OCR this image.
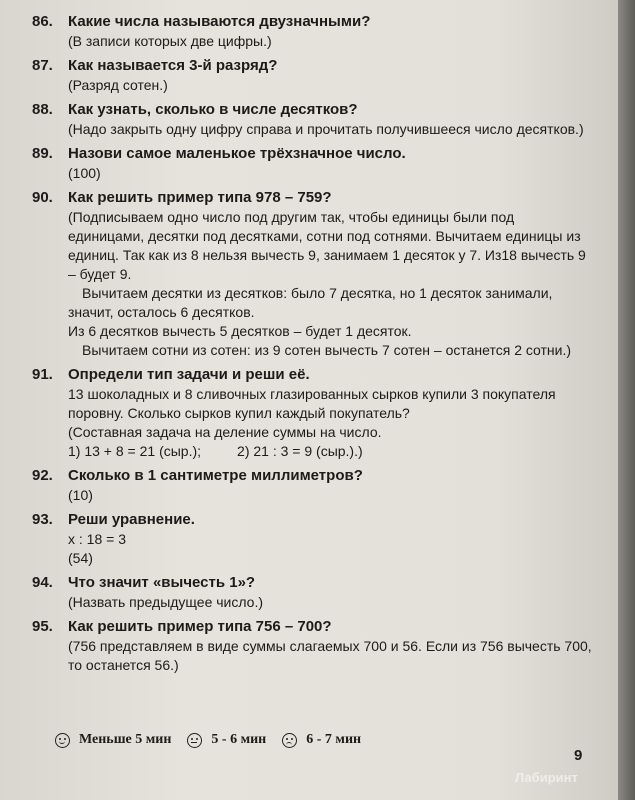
86.	Какие числа называются двузначными?

(В записи которых две цифры.)

87.	Как называется 3-й разряд?

(Разряд сотен.)

88.	Как узнать, сколько в числе десятков?

(Надо закрыть одну цифру справа и прочитать получившееся число десятков.)

89.	Назови самое маленькое трёхзначное число.

(100)

90.	Как решить пример типа 978 – 759?

(Подписываем одно число под другим так, чтобы единицы были под единицами, десятки под десятками, сотни под сотнями. Вычитаем единицы из единиц. Так как из 8 нельзя вычесть 9, занимаем 1 десяток у 7. Из18 вычесть 9 – будет 9.

Вычитаем десятки из десятков: было 7 десятка, но 1 десяток занимали, значит, осталось 6 десятков.

Из 6 десятков вычесть 5 десятков – будет 1 десяток.

Вычитаем сотни из сотен: из 9 сотен вычесть 7 сотен – останется 2 сотни.)

91.	Определи тип задачи и реши её.

13 шоколадных и 8 сливочных глазированных сырков купили 3 покупателя поровну. Сколько сырков купил каждый покупатель?

(Составная задача на деление суммы на число.

1) 13 + 8 = 21 (сыр.);	2) 21 : 3 = 9 (сыр.).)
92.	Сколько в 1 сантиметре миллиметров?

(10)

93.	Реши уравнение.

х : 18 = 3

(54)

94.	Что значит «вычесть 1»?

(Назвать предыдущее число.)

95.	Как решить пример типа 756 – 700?

(756 представляем в виде суммы слагаемых 700 и 56. Если из 756 вычесть 700, то останется 56.)

Меньше 5 мин	5 - 6 мин	6 - 7 мин
9
Лабиринт
